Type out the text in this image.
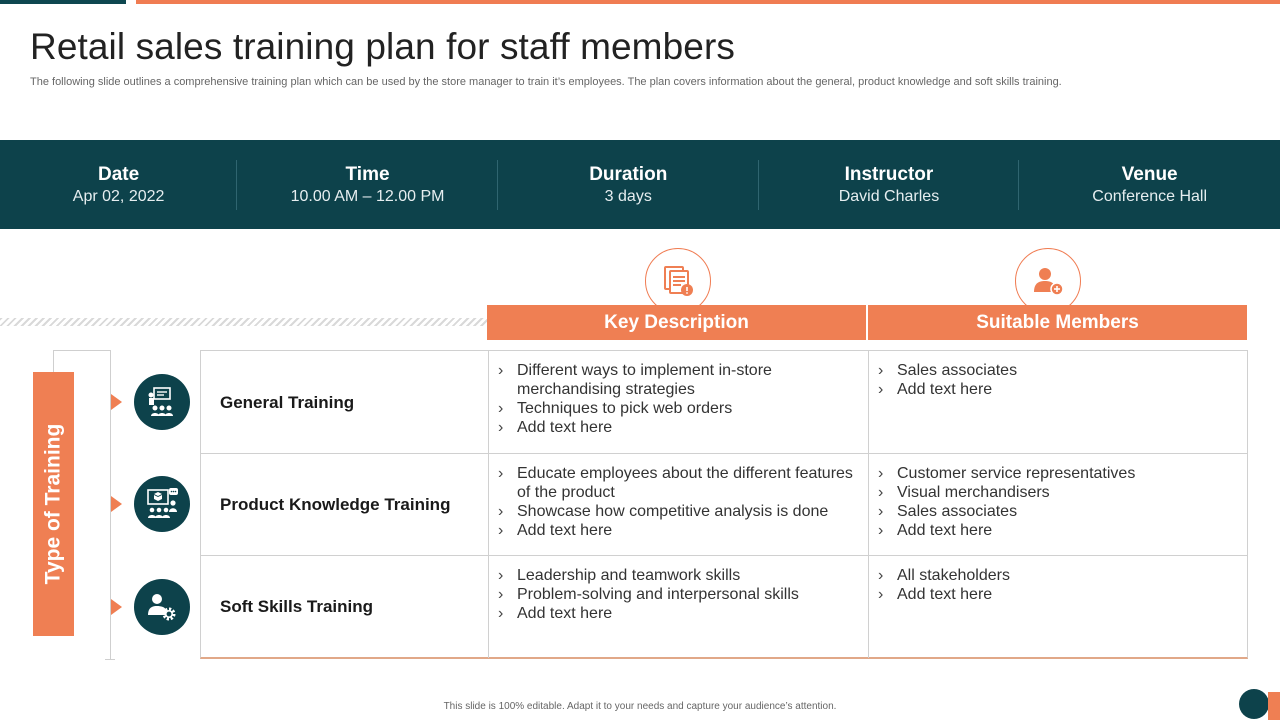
Retail sales training plan for staff members

The following slide outlines a comprehensive training plan which can be used by the store manager to train it’s employees. The plan covers information about the general, product knowledge and soft skills training.

Date
Apr 02, 2022
Time
10.00 AM – 12.00 PM
Duration
3 days
Instructor
David Charles
Venue
Conference Hall
Key Description	Suitable Members
Type of Training
General Training
› Different ways to implement in-store merchandising strategies
› Techniques to pick web orders
› Add text here
› Sales associates
› Add text here
Product Knowledge Training
› Educate employees about the different features of the product
› Showcase how competitive analysis is done
› Add text here
› Customer service representatives
› Visual merchandisers
› Sales associates
› Add text here
Soft Skills Training
› Leadership and teamwork skills
› Problem-solving and interpersonal skills
› Add text here
› All stakeholders
› Add text here
This slide is 100% editable. Adapt it to your needs and capture your audience’s attention.
